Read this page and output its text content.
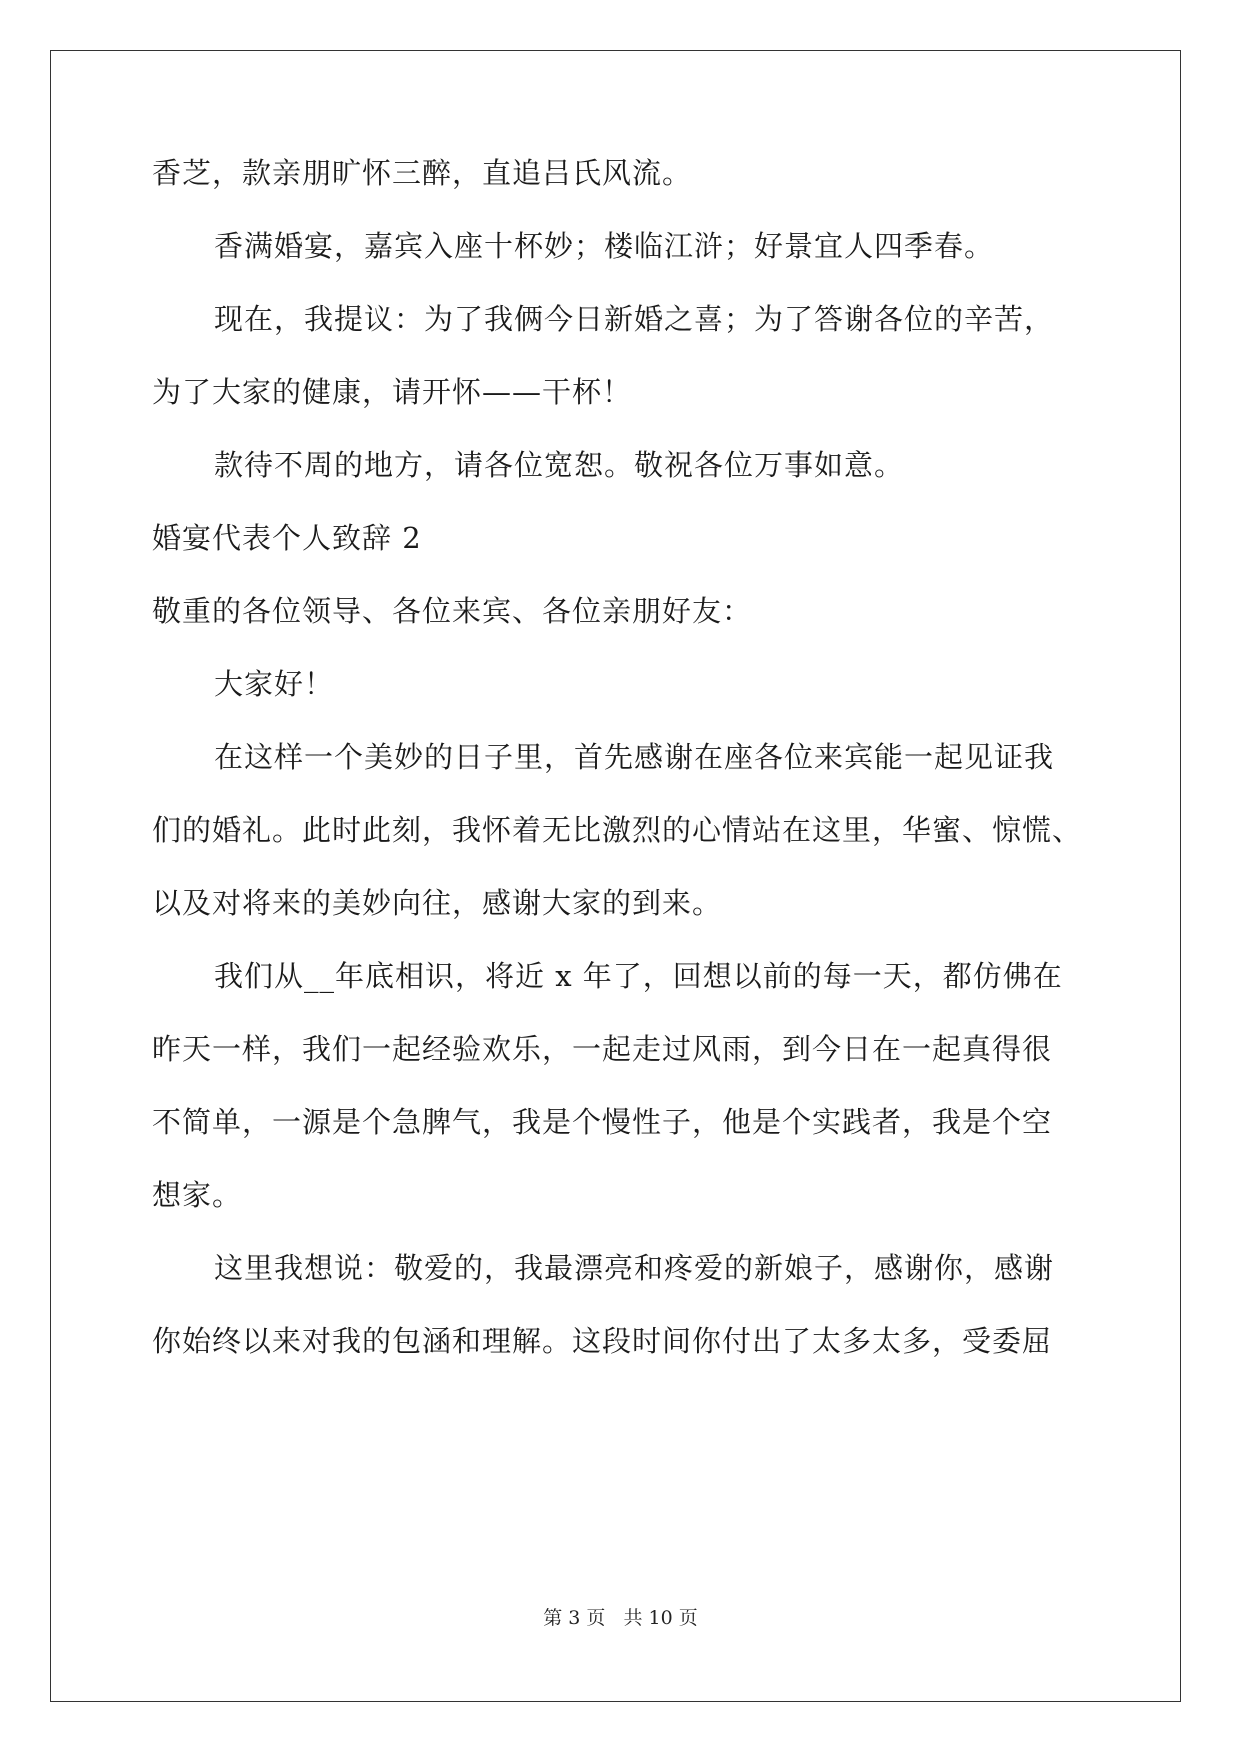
香芝，款亲朋旷怀三醉，直追吕氏风流。
香满婚宴，嘉宾入座十杯妙；楼临江浒；好景宜人四季春。
现在，我提议：为了我俩今日新婚之喜；为了答谢各位的辛苦，
为了大家的健康，请开怀——干杯！
款待不周的地方，请各位宽恕。敬祝各位万事如意。
婚宴代表个人致辞 2
敬重的各位领导、各位来宾、各位亲朋好友：
大家好！
在这样一个美妙的日子里，首先感谢在座各位来宾能一起见证我
们的婚礼。此时此刻，我怀着无比激烈的心情站在这里，华蜜、惊慌、
以及对将来的美妙向往，感谢大家的到来。
我们从__年底相识，将近 x 年了，回想以前的每一天，都仿佛在
昨天一样，我们一起经验欢乐，一起走过风雨，到今日在一起真得很
不简单，一源是个急脾气，我是个慢性子，他是个实践者，我是个空
想家。
这里我想说：敬爱的，我最漂亮和疼爱的新娘子，感谢你，感谢
你始终以来对我的包涵和理解。这段时间你付出了太多太多，受委屈
第 3 页 共 10 页
